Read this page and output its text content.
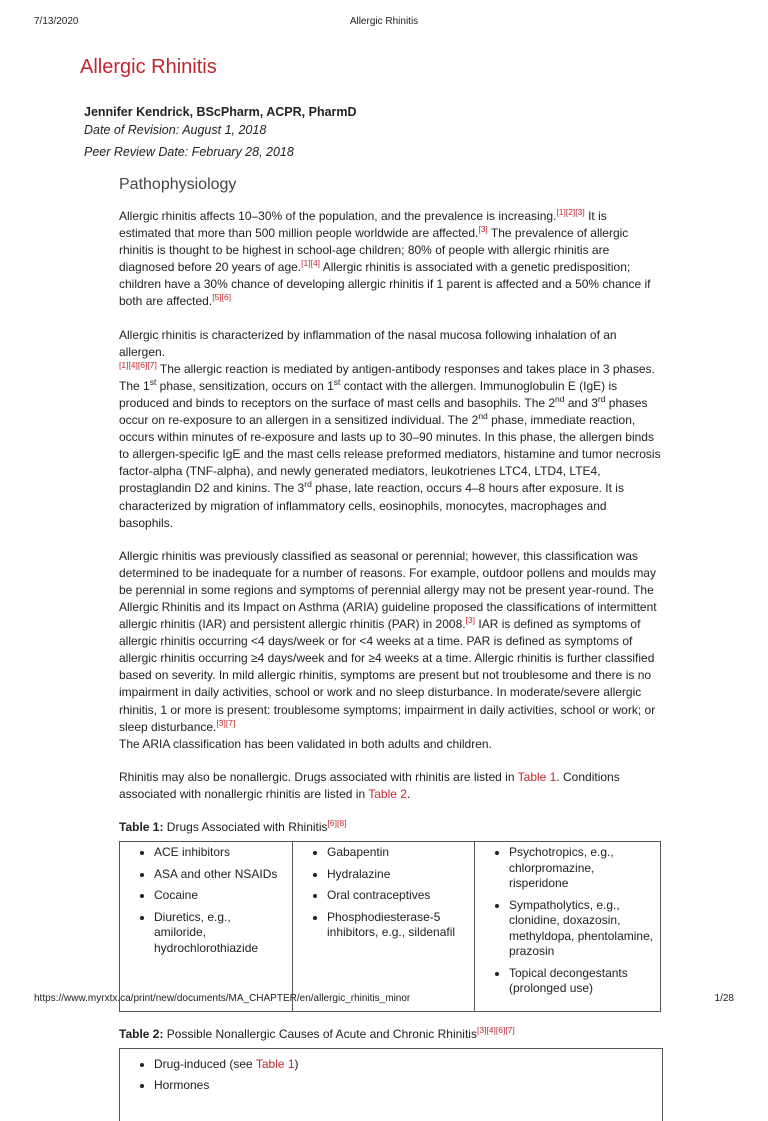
7/13/2020	Allergic Rhinitis
Allergic Rhinitis
Jennifer Kendrick, BScPharm, ACPR, PharmD
Date of Revision: August 1, 2018
Peer Review Date: February 28, 2018
Pathophysiology

Allergic rhinitis affects 10–30% of the population, and the prevalence is increasing.[1][2][3] It is estimated that more than 500 million people worldwide are affected.[3] The prevalence of allergic rhinitis is thought to be highest in school-age children; 80% of people with allergic rhinitis are diagnosed before 20 years of age.[1][4] Allergic rhinitis is associated with a genetic predisposition; children have a 30% chance of developing allergic rhinitis if 1 parent is affected and a 50% chance if both are affected.[5][6]

Allergic rhinitis is characterized by inflammation of the nasal mucosa following inhalation of an allergen.
[1][4][6][7] The allergic reaction is mediated by antigen-antibody responses and takes place in 3 phases. The 1st phase, sensitization, occurs on 1st contact with the allergen. Immunoglobulin E (IgE) is produced and binds to receptors on the surface of mast cells and basophils. The 2nd and 3rd phases occur on re-exposure to an allergen in a sensitized individual. The 2nd phase, immediate reaction, occurs within minutes of re-exposure and lasts up to 30–90 minutes. In this phase, the allergen binds to allergen-specific IgE and the mast cells release preformed mediators, histamine and tumor necrosis factor-alpha (TNF-alpha), and newly generated mediators, leukotrienes LTC4, LTD4, LTE4, prostaglandin D2 and kinins. The 3rd phase, late reaction, occurs 4–8 hours after exposure. It is characterized by migration of inflammatory cells, eosinophils, monocytes, macrophages and basophils.

Allergic rhinitis was previously classified as seasonal or perennial; however, this classification was determined to be inadequate for a number of reasons. For example, outdoor pollens and moulds may be perennial in some regions and symptoms of perennial allergy may not be present year-round. The Allergic Rhinitis and its Impact on Asthma (ARIA) guideline proposed the classifications of intermittent allergic rhinitis (IAR) and persistent allergic rhinitis (PAR) in 2008.[3] IAR is defined as symptoms of allergic rhinitis occurring <4 days/week or for <4 weeks at a time. PAR is defined as symptoms of allergic rhinitis occurring ≥4 days/week and for ≥4 weeks at a time. Allergic rhinitis is further classified based on severity. In mild allergic rhinitis, symptoms are present but not troublesome and there is no impairment in daily activities, school or work and no sleep disturbance. In moderate/severe allergic rhinitis, 1 or more is present: troublesome symptoms; impairment in daily activities, school or work; or sleep disturbance.[3][7]
The ARIA classification has been validated in both adults and children.

Rhinitis may also be nonallergic. Drugs associated with rhinitis are listed in Table 1. Conditions associated with nonallergic rhinitis are listed in Table 2.

Table 1: Drugs Associated with Rhinitis[6][8]
• ACE inhibitors
• ASA and other NSAIDs
• Cocaine
• Diuretics, e.g., amiloride, hydrochlorothiazide

• Gabapentin
• Hydralazine
• Oral contraceptives
• Phosphodiesterase-5 inhibitors, e.g., sildenafil

• Psychotropics, e.g., chlorpromazine, risperidone
• Sympatholytics, e.g., clonidine, doxazosin, methyldopa, phentolamine, prazosin
• Topical decongestants (prolonged use)
Table 2: Possible Nonallergic Causes of Acute and Chronic Rhinitis[3][4][6][7]
• Drug-induced (see Table 1)
• Hormones
https://www.myrxtx.ca/print/new/documents/MA_CHAPTER/en/allergic_rhinitis_minor	1/28
